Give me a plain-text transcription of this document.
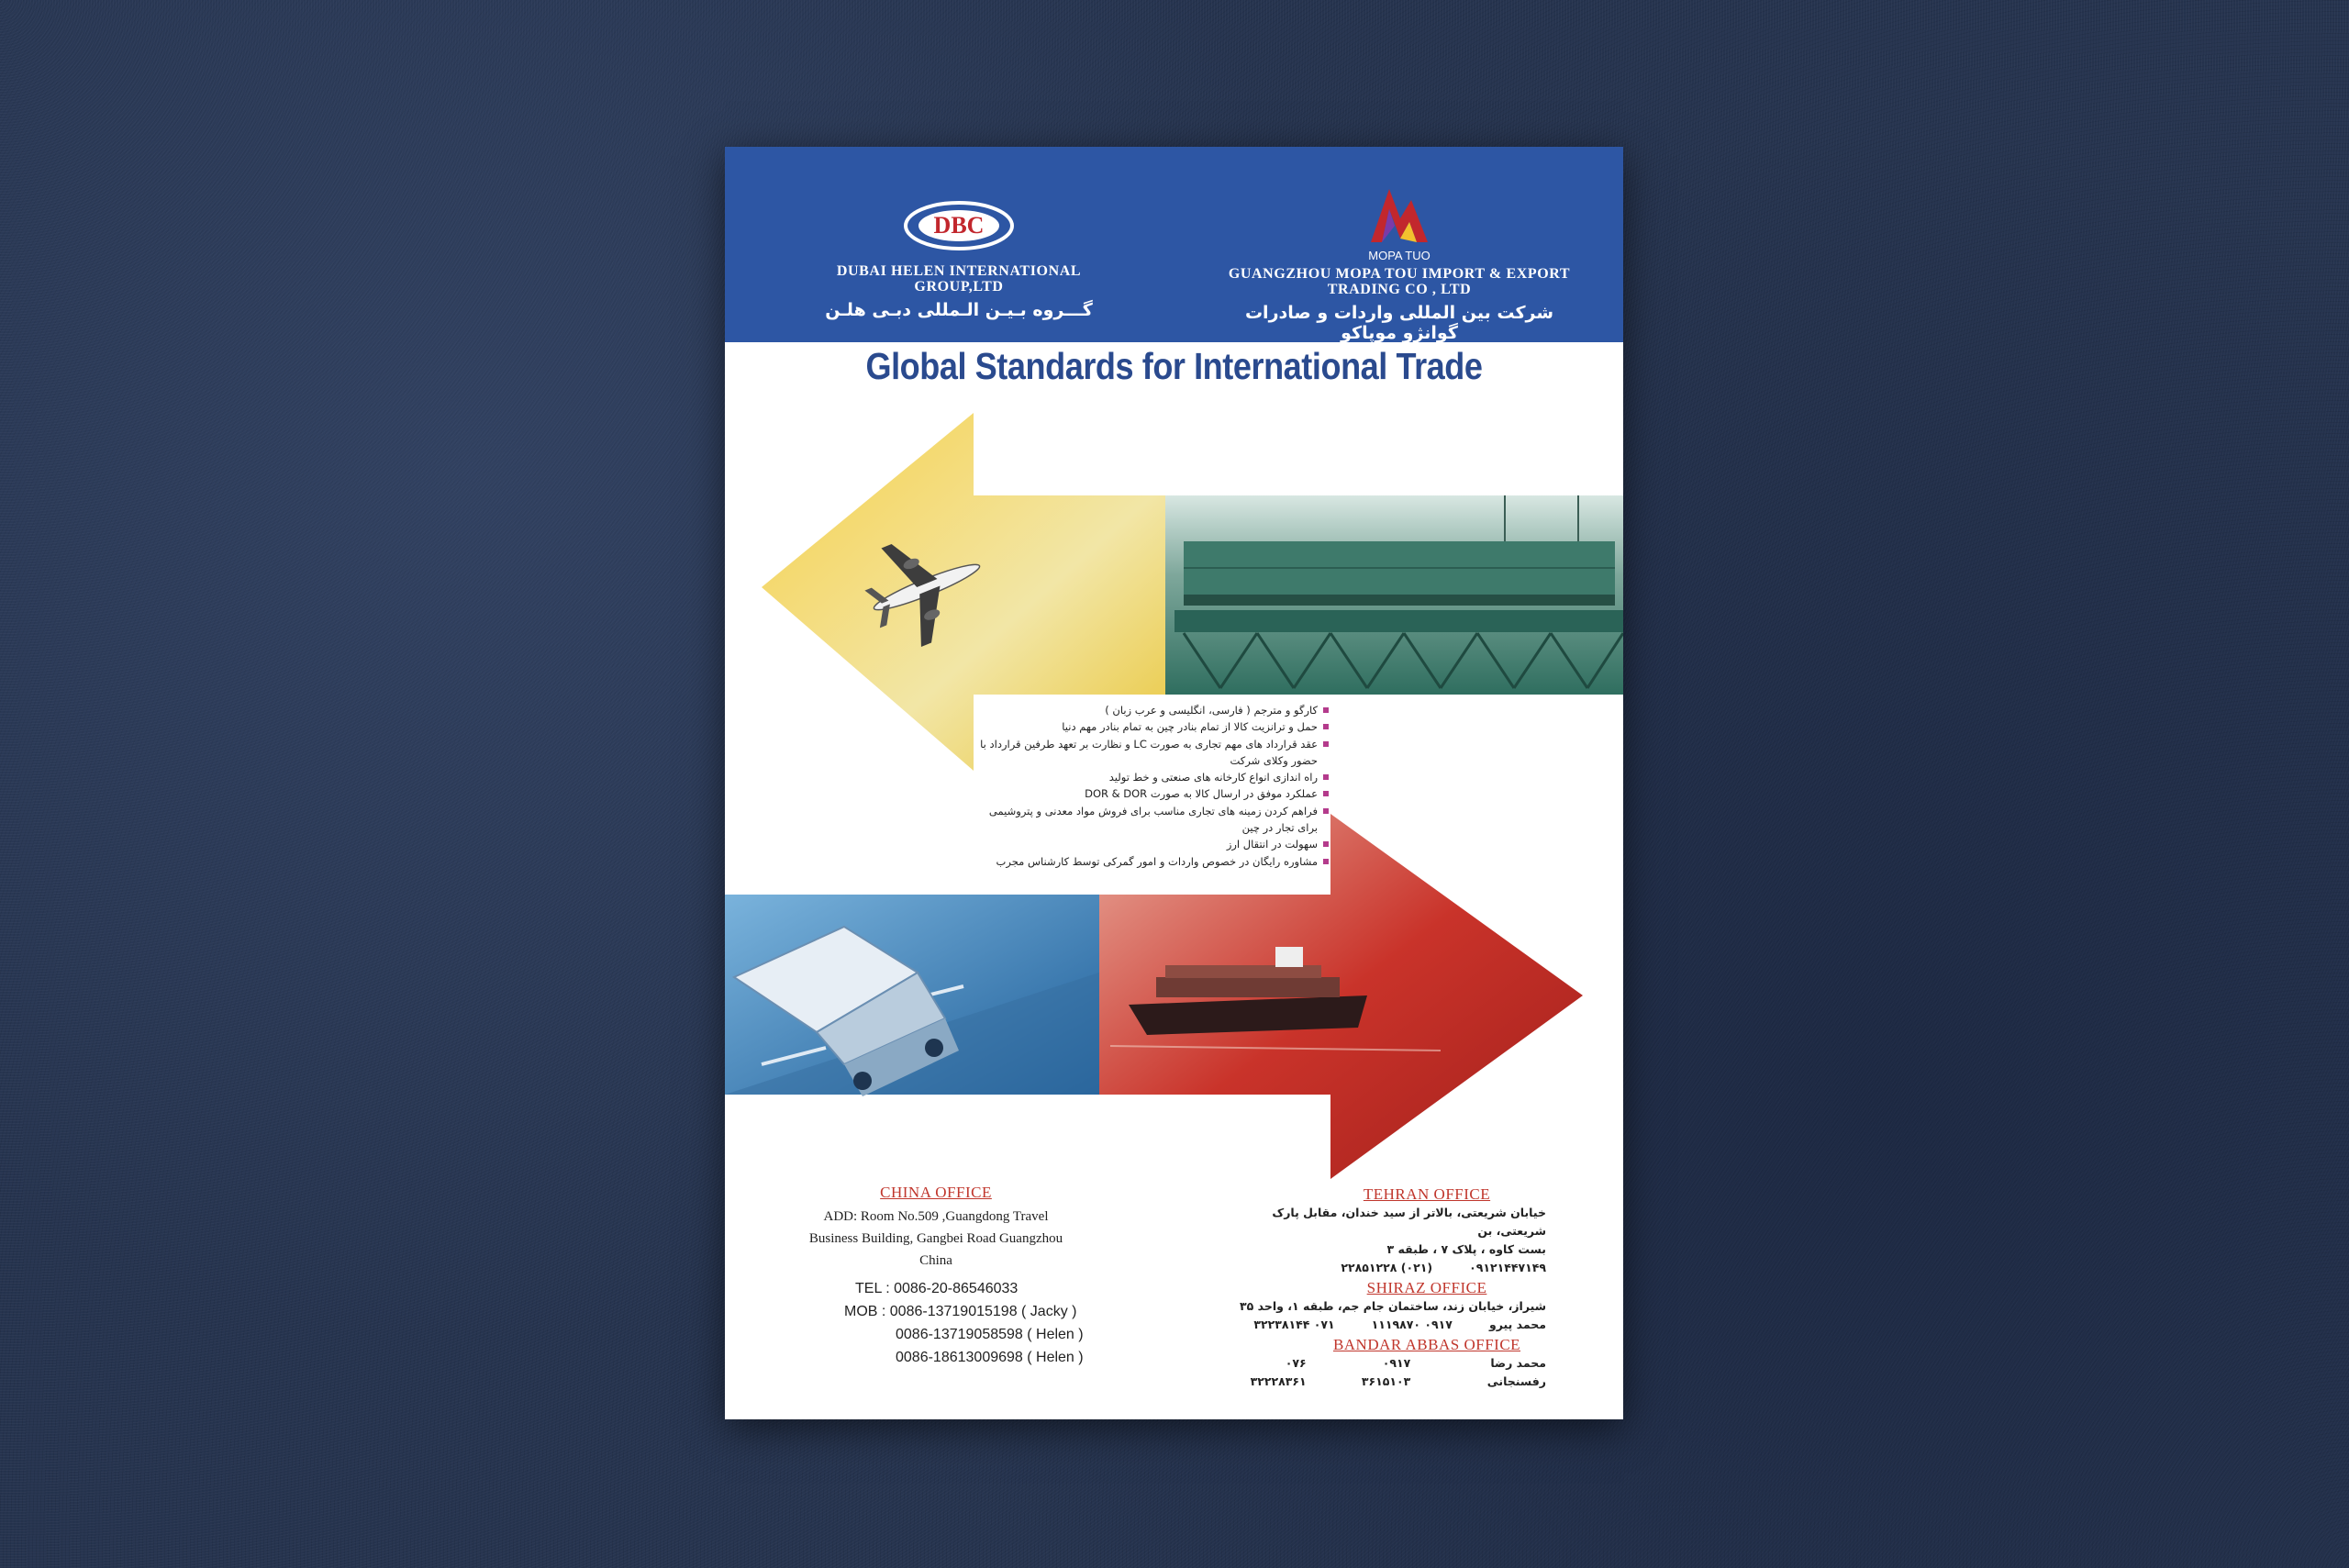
DBC
DUBAI HELEN INTERNATIONAL
GROUP,LTD
گـــروه بـیـن الـمللی دبـی هلـن
MOPA TUO
GUANGZHOU MOPA TOU IMPORT & EXPORT
TRADING CO , LTD
شرکت بین المللی واردات و صادرات گوانژو موپاکو
Global Standards for International Trade
کارگو و مترجم ( فارسی، انگلیسی و عرب زبان )
حمل و ترانزیت کالا از تمام بنادر چین به تمام بنادر مهم دنیا
عقد قرارداد های مهم تجاری به صورت LC و نظارت بر تعهد طرفین قرارداد با حضور وکلای شرکت
راه اندازی انواع کارخانه های صنعتی و خط تولید
عملکرد موفق در ارسال کالا به صورت DOR & DOR
فراهم کردن زمینه های تجاری مناسب برای فروش مواد معدنی و پتروشیمی برای تجار در چین
سهولت در انتقال ارز
مشاوره رایگان در خصوص واردات و امور گمرکی توسط کارشناس مجرب
CHINA OFFICE
ADD: Room No.509 ,Guangdong Travel
Business Building, Gangbei Road Guangzhou
China
TEL : 0086-20-86546033
MOB : 0086-13719015198 ( Jacky )
0086-13719058598 ( Helen )
0086-18613009698 ( Helen )
TEHRAN OFFICE
خیابان شریعتی، بالاتر از سید خندان، مقابل پارک شریعتی، بن
بست کاوه ، پلاک ۷ ، طبقه ۳
۰۹۱۲۱۴۴۷۱۴۹
(۰۲۱) ۲۲۸۵۱۲۲۸
SHIRAZ OFFICE
شیراز، خیابان زند، ساختمان جام جم، طبقه ۱، واحد ۳۵
محمد پیرو
۰۹۱۷ ۱۱۱۹۸۷۰
۰۷۱ ۳۲۲۳۸۱۴۴
BANDAR ABBAS OFFICE
محمد رضا رفسنجانی
۰۹۱۷ ۳۶۱۵۱۰۳
۰۷۶ ۳۲۲۲۸۳۶۱
